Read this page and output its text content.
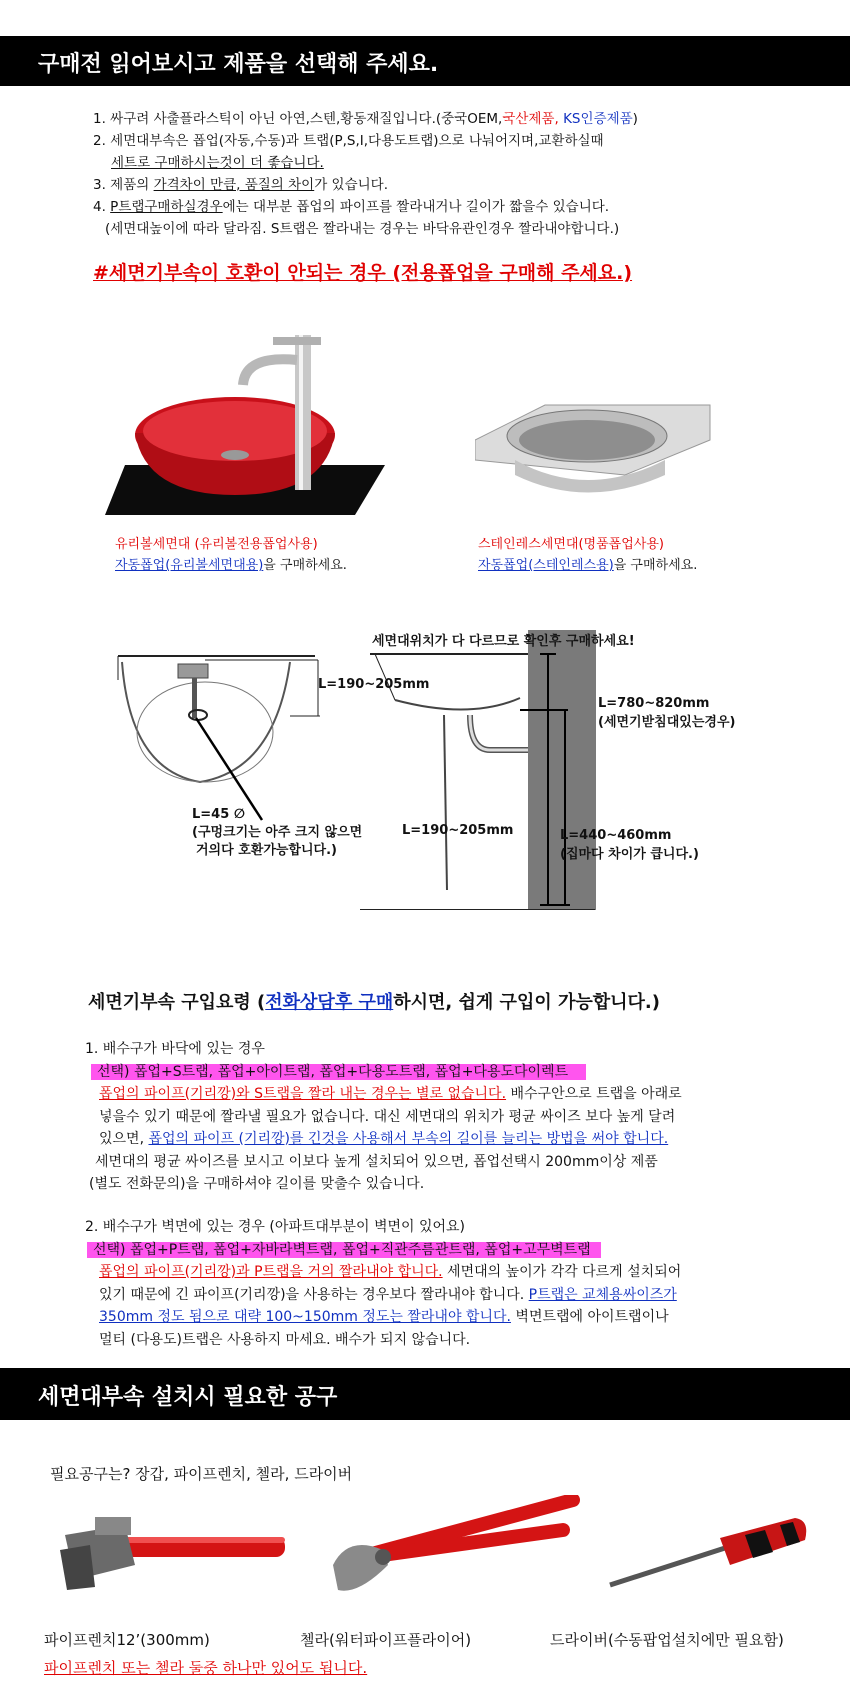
구매전 읽어보시고 제품을 선택해 주세요.
1. 싸구려 사출플라스틱이 아닌 아연,스텐,황동재질입니다.(중국OEM,국산제품, KS인증제품)
2. 세면대부속은 폽업(자동,수동)과 트랩(P,S,I,다용도트랩)으로 나눠어지며,교환하실때
세트로 구매하시는것이 더 좋습니다.
3. 제품의 가격차이 만큼, 품질의 차이가 있습니다.
4. P트랩구매하실경우에는 대부분 폽업의 파이프를 짤라내거나 길이가 짧을수 있습니다.
(세면대높이에 따라 달라짐. S트랩은 짤라내는 경우는 바닥유관인경우 짤라내야합니다.)
#세면기부속이 호환이 안되는 경우 (전용폽업을 구매해 주세요.)
유리볼세면대 (유리볼전용폽업사용)
자동폽업(유리볼세면대용)을 구매하세요.
스테인레스세면대(명품폽업사용)
자동폽업(스테인레스용)을 구매하세요.
세면대위치가 다 다르므로 확인후 구매하세요!
L=190~205mm
L=45 ∅
(구멍크기는 아주 크지 않으면
거의다 호환가능합니다.)
L=190~205mm
L=780~820mm
(세면기받침대있는경우)
L=440~460mm
(집마다 차이가 큽니다.)
세면기부속 구입요령 (전화상담후 구매하시면, 쉽게 구입이 가능합니다.)
1. 배수구가 바닥에 있는 경우
선택) 폽업+S트랩, 폽업+아이트랩, 폽업+다용도트랩, 폽업+다용도다이렉트
폽업의 파이프(기리깡)와 S트랩을 짤라 내는 경우는 별로 없습니다. 배수구안으로 트랩을 아래로
넣을수 있기 때문에 짤라낼 필요가 없습니다. 대신 세면대의 위치가 평균 싸이즈 보다 높게 달려
있으면, 폽업의 파이프 (기리깡)를 긴것을 사용해서 부속의 길이를 늘리는 방법을 써야 합니다.
세면대의 평균 싸이즈를 보시고 이보다 높게 설치되어 있으면, 폽업선택시 200mm이상 제품
(별도 전화문의)을 구매하셔야 길이를 맞출수 있습니다.
2. 배수구가 벽면에 있는 경우 (아파트대부분이 벽면이 있어요)
선택) 폽업+P트랩, 폽업+자바라벽트랩, 폽업+직관주름관트랩, 폽업+고무벽트랩
폽업의 파이프(기리깡)과 P트랩을 거의 짤라내야 합니다. 세면대의 높이가 각각 다르게 설치되어
있기 때문에 긴 파이프(기리깡)을 사용하는 경우보다 짤라내야 합니다. P트랩은 교체용싸이즈가
350mm 정도 됨으로 대략 100~150mm 정도는 짤라내야 합니다. 벽면트랩에 아이트랩이나
멀티 (다용도)트랩은 사용하지 마세요. 배수가 되지 않습니다.
세면대부속 설치시 필요한 공구
필요공구는? 장갑, 파이프렌치, 첼라, 드라이버
파이프렌치12’(300mm)	첼라(워터파이프플라이어)	드라이버(수동팝업설치에만 필요함)
파이프렌치 또는 첼라 둘중 하나만 있어도 됩니다.
